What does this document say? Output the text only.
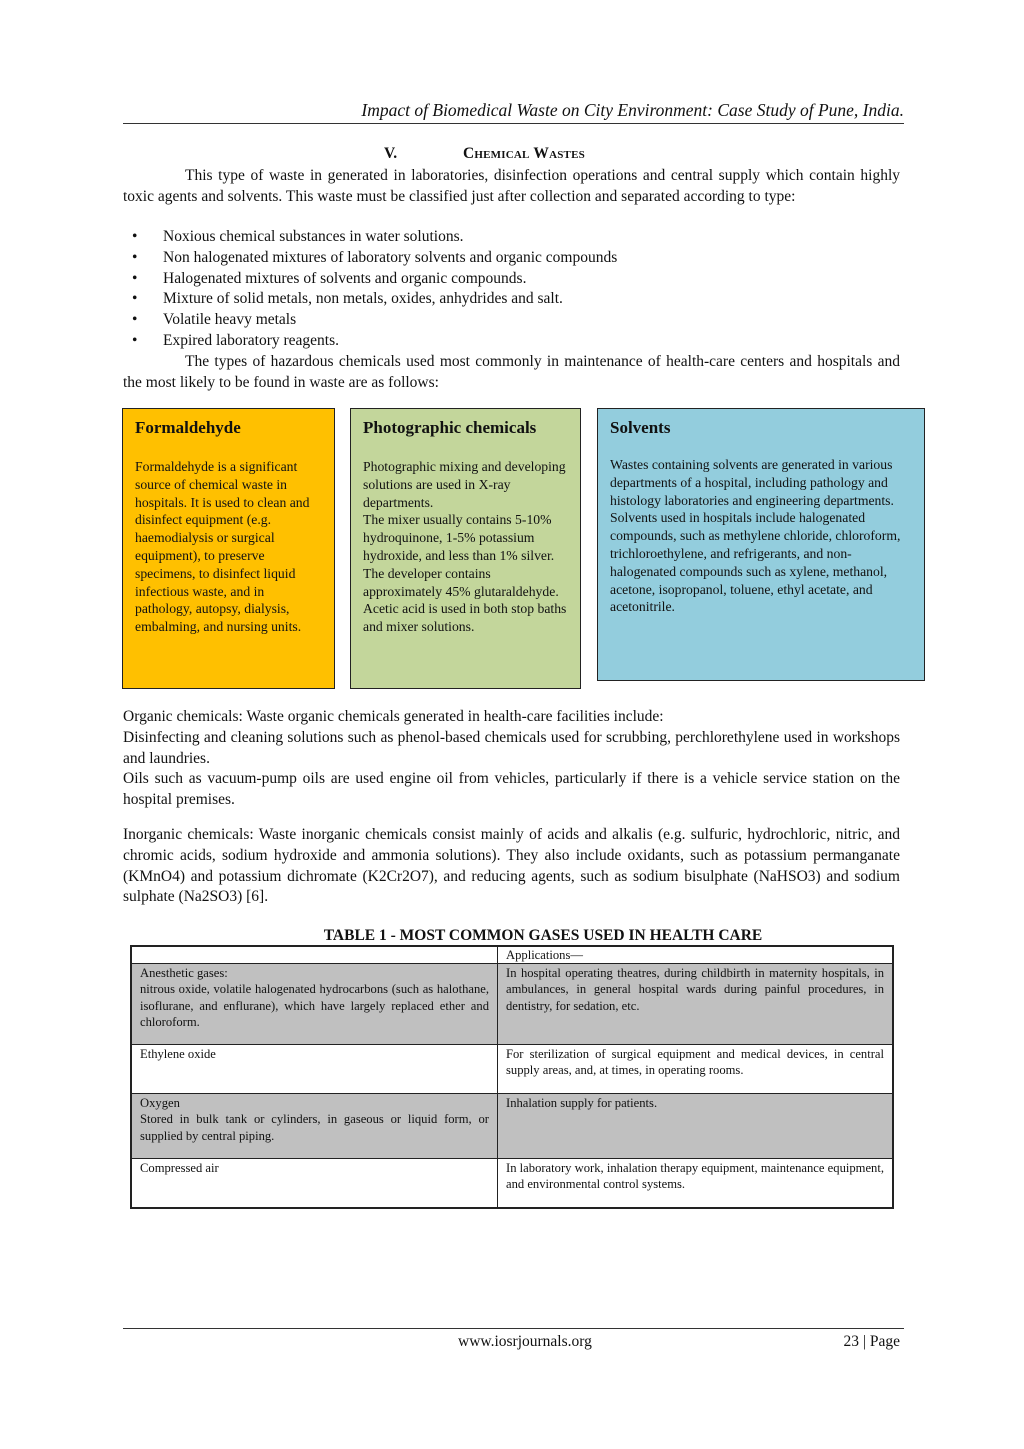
Impact of Biomedical Waste on City Environment: Case Study of Pune, India.
V.	Chemical Wastes
This type of waste in generated in laboratories, disinfection operations and central supply which contain highly toxic agents and solvents. This waste must be classified just after collection and separated according to type:
• Noxious chemical substances in water solutions.
• Non halogenated mixtures of laboratory solvents and organic compounds
• Halogenated mixtures of solvents and organic compounds.
• Mixture of solid metals, non metals, oxides, anhydrides and salt.
• Volatile heavy metals
• Expired laboratory reagents.
The types of hazardous chemicals used most commonly in maintenance of health-care centers and hospitals and the most likely to be found in waste are as follows:
Formaldehyde
Formaldehyde is a significant source of chemical waste in hospitals. It is used to clean and disinfect equipment (e.g. haemodialysis or surgical equipment), to preserve specimens, to disinfect liquid infectious waste, and in pathology, autopsy, dialysis, embalming, and nursing units.
Photographic chemicals
Photographic mixing and developing solutions are used in X-ray departments.
The mixer usually contains 5-10% hydroquinone, 1-5% potassium hydroxide, and less than 1% silver. The developer contains approximately 45% glutaraldehyde. Acetic acid is used in both stop baths and mixer solutions.
Solvents
Wastes containing solvents are generated in various departments of a hospital, including pathology and histology laboratories and engineering departments. Solvents used in hospitals include halogenated compounds, such as methylene chloride, chloroform, trichloroethylene, and refrigerants, and non-halogenated compounds such as xylene, methanol, acetone, isopropanol, toluene, ethyl acetate, and acetonitrile.
Organic chemicals: Waste organic chemicals generated in health-care facilities include:
Disinfecting and cleaning solutions such as phenol-based chemicals used for scrubbing, perchlorethylene used in workshops and laundries.
Oils such as vacuum-pump oils are used engine oil from vehicles, particularly if there is a vehicle service station on the hospital premises.
Inorganic chemicals: Waste inorganic chemicals consist mainly of acids and alkalis (e.g. sulfuric, hydrochloric, nitric, and chromic acids, sodium hydroxide and ammonia solutions). They also include oxidants, such as potassium permanganate (KMnO4) and potassium dichromate (K2Cr2O7), and reducing agents, such as sodium bisulphate (NaHSO3) and sodium sulphate (Na2SO3) [6].
TABLE 1 - MOST COMMON GASES USED IN HEALTH CARE
	Applications—

Anesthetic gases:
nitrous oxide, volatile halogenated hydrocarbons (such as halothane, isoflurane, and enflurane), which have largely replaced ether and chloroform.	In hospital operating theatres, during childbirth in maternity hospitals, in ambulances, in general hospital wards during painful procedures, in dentistry, for sedation, etc.

Ethylene oxide	For sterilization of surgical equipment and medical devices, in central supply areas, and, at times, in operating rooms.

Oxygen
Stored in bulk tank or cylinders, in gaseous or liquid form, or supplied by central piping.	Inhalation supply for patients.

Compressed air	In laboratory work, inhalation therapy equipment, maintenance equipment, and environmental control systems.
www.iosrjournals.org	23 | Page
